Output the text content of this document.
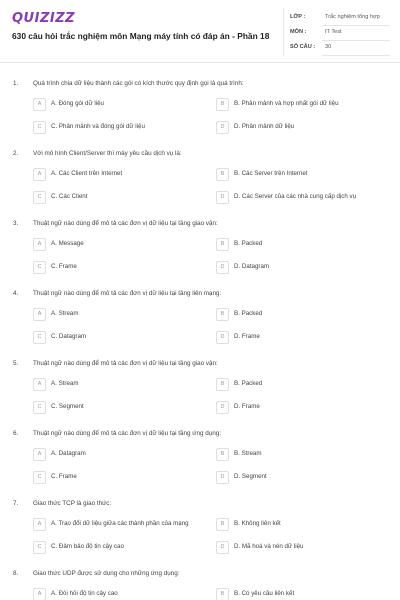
QUIZIZZ
630 câu hỏi trắc nghiệm môn Mạng máy tính có đáp án - Phần 18
LỚP :	Trắc nghiệm tổng hợp
MÔN :	IT Test
SỐ CÂU : 30
1. Quá trình chia dữ liệu thành các gói có kích thước quy định gọi là quá trình:
A	A. Đóng gói dữ liệu	B	B. Phân mảnh và hợp nhất gói dữ liệu
C	C. Phân mảnh và đóng gói dữ liệu	D	D. Phân mảnh dữ liệu
2. Với mô hình Client/Server thì máy yêu cầu dịch vụ là:
A	A. Các Client trên Internet	B	B. Các Server trên Internet
C	C. Các Client	D	D. Các Server của các nhà cung cấp dịch vụ
3. Thuật ngữ nào dùng để mô tả các đơn vị dữ liệu tại tầng giao vận:
A	A. Message	B	B. Packed
C	C. Frame	D	D. Datagram
4. Thuật ngữ nào dùng để mô tả các đơn vị dữ liệu tại tầng liên mạng:
A	A. Stream	B	B. Packed
C	C. Datagram	D	D. Frame
5. Thuật ngữ nào dùng để mô tả các đơn vị dữ liệu tại tầng giao vận:
A	A. Stream	B	B. Packed
C	C. Segment	D	D. Frame
6. Thuật ngữ nào dùng để mô tả các đơn vị dữ liệu tại tầng ứng dụng:
A	A. Datagram	B	B. Stream
C	C. Frame	D	D. Segment
7. Giao thức TCP là giao thức:
A	A. Trao đổi dữ liệu giữa các thành phần của mạng	B	B. Không liên kết
C	C. Đảm bảo độ tin cậy cao	D	D. Mã hoá và nén dữ liệu
8. Giao thức UDP được sử dụng cho những ứng dụng:
A	A. Đòi hỏi độ tin cậy cao	B	B. Có yêu cầu liên kết
